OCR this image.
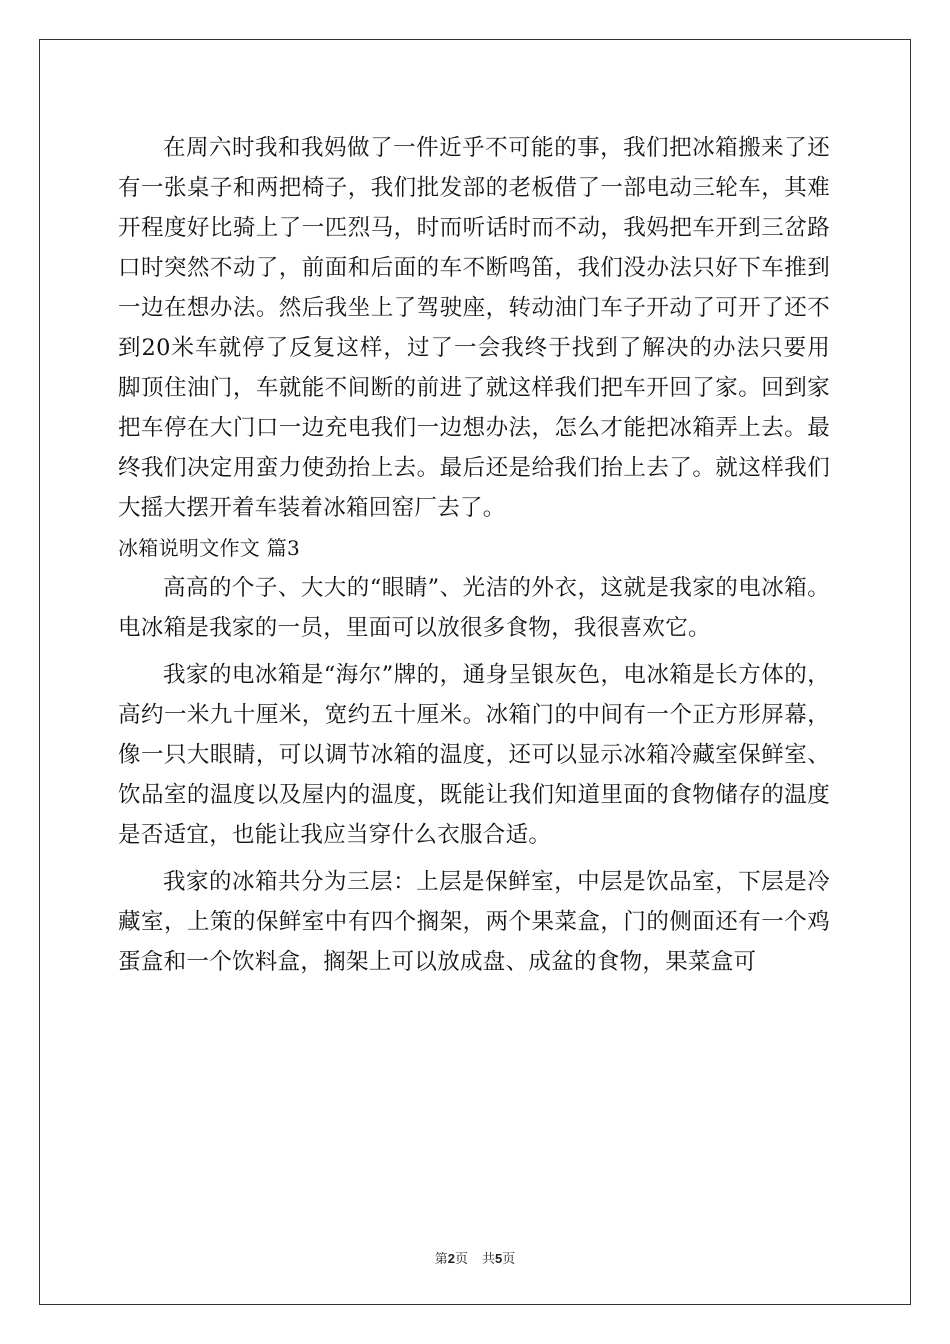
在周六时我和我妈做了一件近乎不可能的事，我们把冰箱搬来了还有一张桌子和两把椅子，我们批发部的老板借了一部电动三轮车，其难开程度好比骑上了一匹烈马，时而听话时而不动，我妈把车开到三岔路口时突然不动了，前面和后面的车不断鸣笛，我们没办法只好下车推到一边在想办法。然后我坐上了驾驶座，转动油门车子开动了可开了还不到20米车就停了反复这样，过了一会我终于找到了解决的办法只要用脚顶住油门，车就能不间断的前进了就这样我们把车开回了家。回到家把车停在大门口一边充电我们一边想办法，怎么才能把冰箱弄上去。最终我们决定用蛮力使劲抬上去。最后还是给我们抬上去了。就这样我们大摇大摆开着车装着冰箱回窑厂去了。

冰箱说明文作文 篇3

高高的个子、大大的“眼睛”、光洁的外衣，这就是我家的电冰箱。电冰箱是我家的一员，里面可以放很多食物，我很喜欢它。

我家的电冰箱是“海尔”牌的，通身呈银灰色，电冰箱是长方体的，高约一米九十厘米，宽约五十厘米。冰箱门的中间有一个正方形屏幕，像一只大眼睛，可以调节冰箱的温度，还可以显示冰箱冷藏室保鲜室、饮品室的温度以及屋内的温度，既能让我们知道里面的食物储存的温度是否适宜，也能让我应当穿什么衣服合适。

我家的冰箱共分为三层：上层是保鲜室，中层是饮品室，下层是冷藏室，上策的保鲜室中有四个搁架，两个果菜盒，门的侧面还有一个鸡蛋盒和一个饮料盒，搁架上可以放成盘、成盆的食物，果菜盒可

第2页 共5页
